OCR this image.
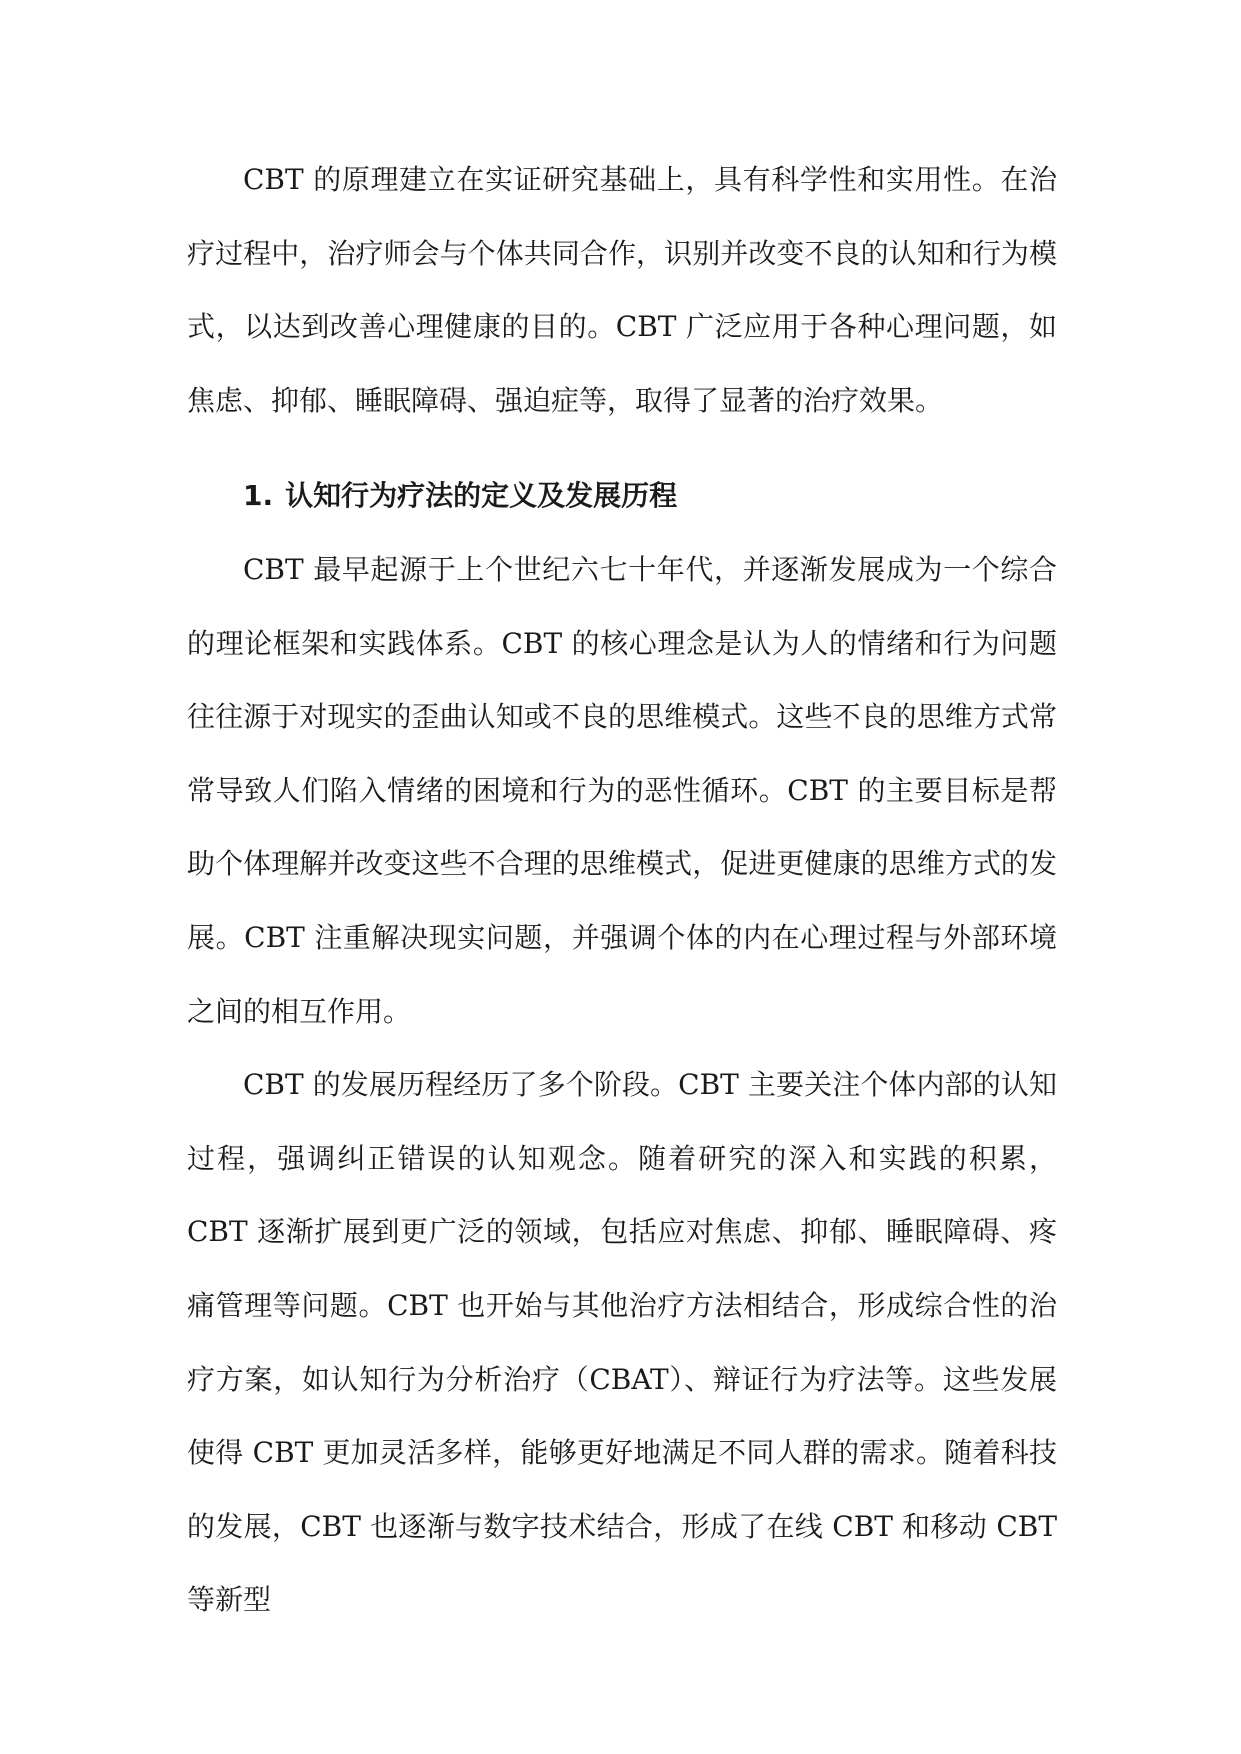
CBT 的原理建立在实证研究基础上，具有科学性和实用性。在治疗过程中，治疗师会与个体共同合作，识别并改变不良的认知和行为模式，以达到改善心理健康的目的。CBT 广泛应用于各种心理问题，如焦虑、抑郁、睡眠障碍、强迫症等，取得了显著的治疗效果。

1. 认知行为疗法的定义及发展历程

CBT 最早起源于上个世纪六七十年代，并逐渐发展成为一个综合的理论框架和实践体系。CBT 的核心理念是认为人的情绪和行为问题往往源于对现实的歪曲认知或不良的思维模式。这些不良的思维方式常常导致人们陷入情绪的困境和行为的恶性循环。CBT 的主要目标是帮助个体理解并改变这些不合理的思维模式，促进更健康的思维方式的发展。CBT 注重解决现实问题，并强调个体的内在心理过程与外部环境之间的相互作用。

CBT 的发展历程经历了多个阶段。CBT 主要关注个体内部的认知过程，强调纠正错误的认知观念。随着研究的深入和实践的积累，CBT 逐渐扩展到更广泛的领域，包括应对焦虑、抑郁、睡眠障碍、疼痛管理等问题。CBT 也开始与其他治疗方法相结合，形成综合性的治疗方案，如认知行为分析治疗（CBAT）、辩证行为疗法等。这些发展使得 CBT 更加灵活多样，能够更好地满足不同人群的需求。随着科技的发展，CBT 也逐渐与数字技术结合，形成了在线 CBT 和移动 CBT 等新型
